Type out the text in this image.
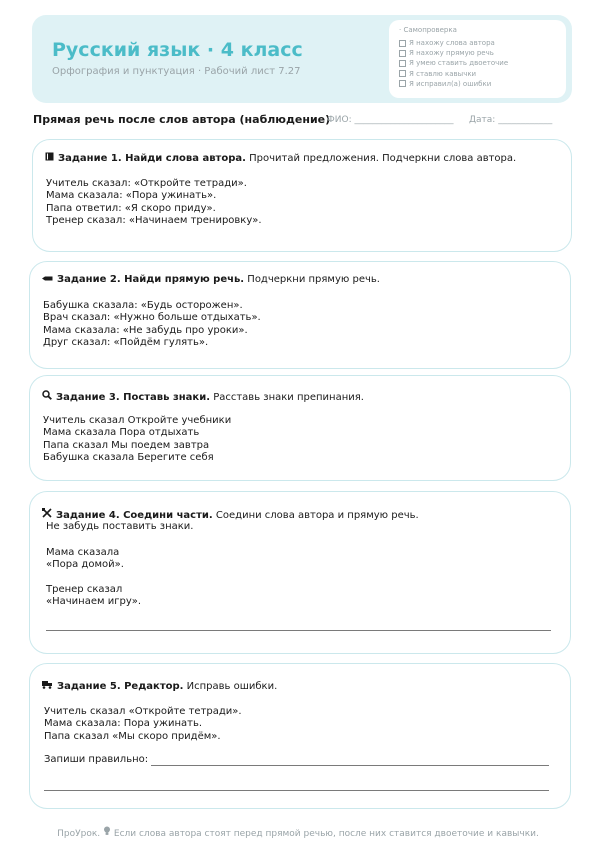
Русский язык · 4 класс
Орфография и пунктуация · Рабочий лист 7.27
· Самопроверка
Я нахожу слова автора
Я нахожу прямую речь
Я умею ставить двоеточие
Я ставлю кавычки
Я исправил(а) ошибки
Прямая речь после слов автора (наблюдение)
ФИО: ______________________ Дата: ____________
Задание 1. Найди слова автора. Прочитай предложения. Подчеркни слова автора.
Учитель сказал: «Откройте тетради».
Мама сказала: «Пора ужинать».
Папа ответил: «Я скоро приду».
Тренер сказал: «Начинаем тренировку».
Задание 2. Найди прямую речь. Подчеркни прямую речь.
Бабушка сказала: «Будь осторожен».
Врач сказал: «Нужно больше отдыхать».
Мама сказала: «Не забудь про уроки».
Друг сказал: «Пойдём гулять».
Задание 3. Поставь знаки. Расставь знаки препинания.
Учитель сказал Откройте учебники
Мама сказала Пора отдыхать
Папа сказал Мы поедем завтра
Бабушка сказала Берегите себя
Задание 4. Соедини части. Соедини слова автора и прямую речь.
Не забудь поставить знаки.
Мама сказала
«Пора домой».

Тренер сказал
«Начинаем игру».
Задание 5. Редактор. Исправь ошибки.
Учитель сказал «Откройте тетради».
Мама сказала: Пора ужинать.
Папа сказал «Мы скоро придём».
Запиши правильно:
ПроУрок. Если слова автора стоят перед прямой речью, после них ставится двоеточие и кавычки.
